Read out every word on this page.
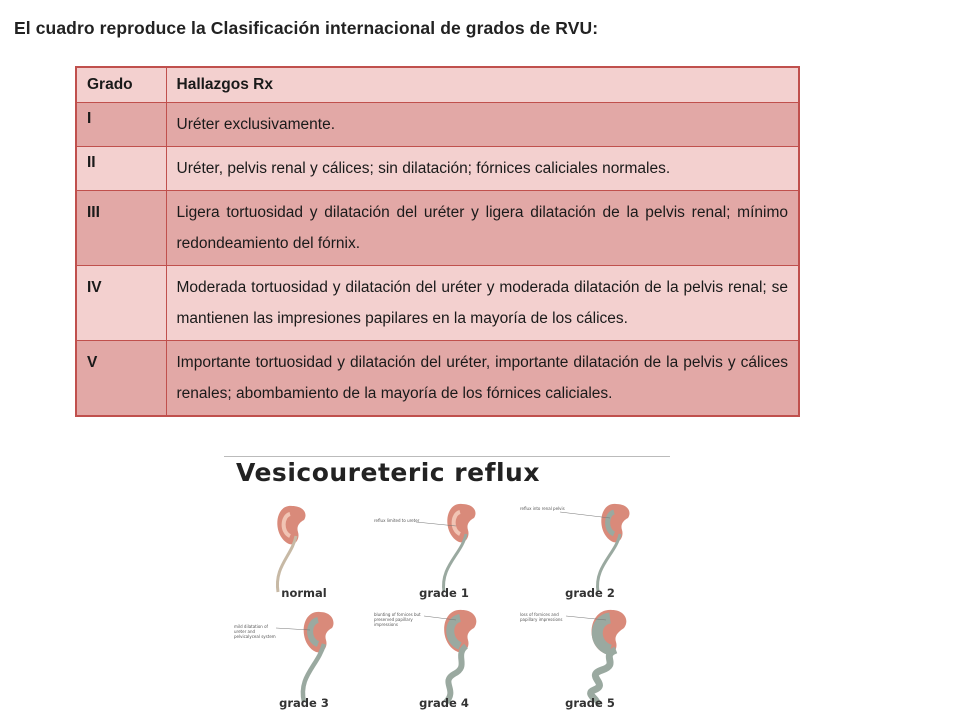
El cuadro reproduce la Clasificación internacional de grados de RVU:
Grado	Hallazgos Rx
I	Uréter exclusivamente.
II	Uréter, pelvis renal y cálices; sin dilatación; fórnices caliciales normales.
III	Ligera tortuosidad y dilatación del uréter y ligera dilatación de la pelvis renal; mínimo redondeamiento del fórnix.
IV	Moderada tortuosidad y dilatación del uréter y moderada dilatación de la pelvis renal; se mantienen las impresiones papilares en la mayoría de los cálices.
V	Importante tortuosidad y dilatación del uréter, importante dilatación de la pelvis y cálices renales; abombamiento de la mayoría de los fórnices caliciales.
Vesicoureteric reflux
normal
reflux limited to ureter
grade 1
reflux into renal pelvis
grade 2
mild dilatation of ureter and pelvicalyceal system
grade 3
blunting of fornices but preserved papillary impressions
grade 4
loss of fornices and papillary impressions
grade 5
